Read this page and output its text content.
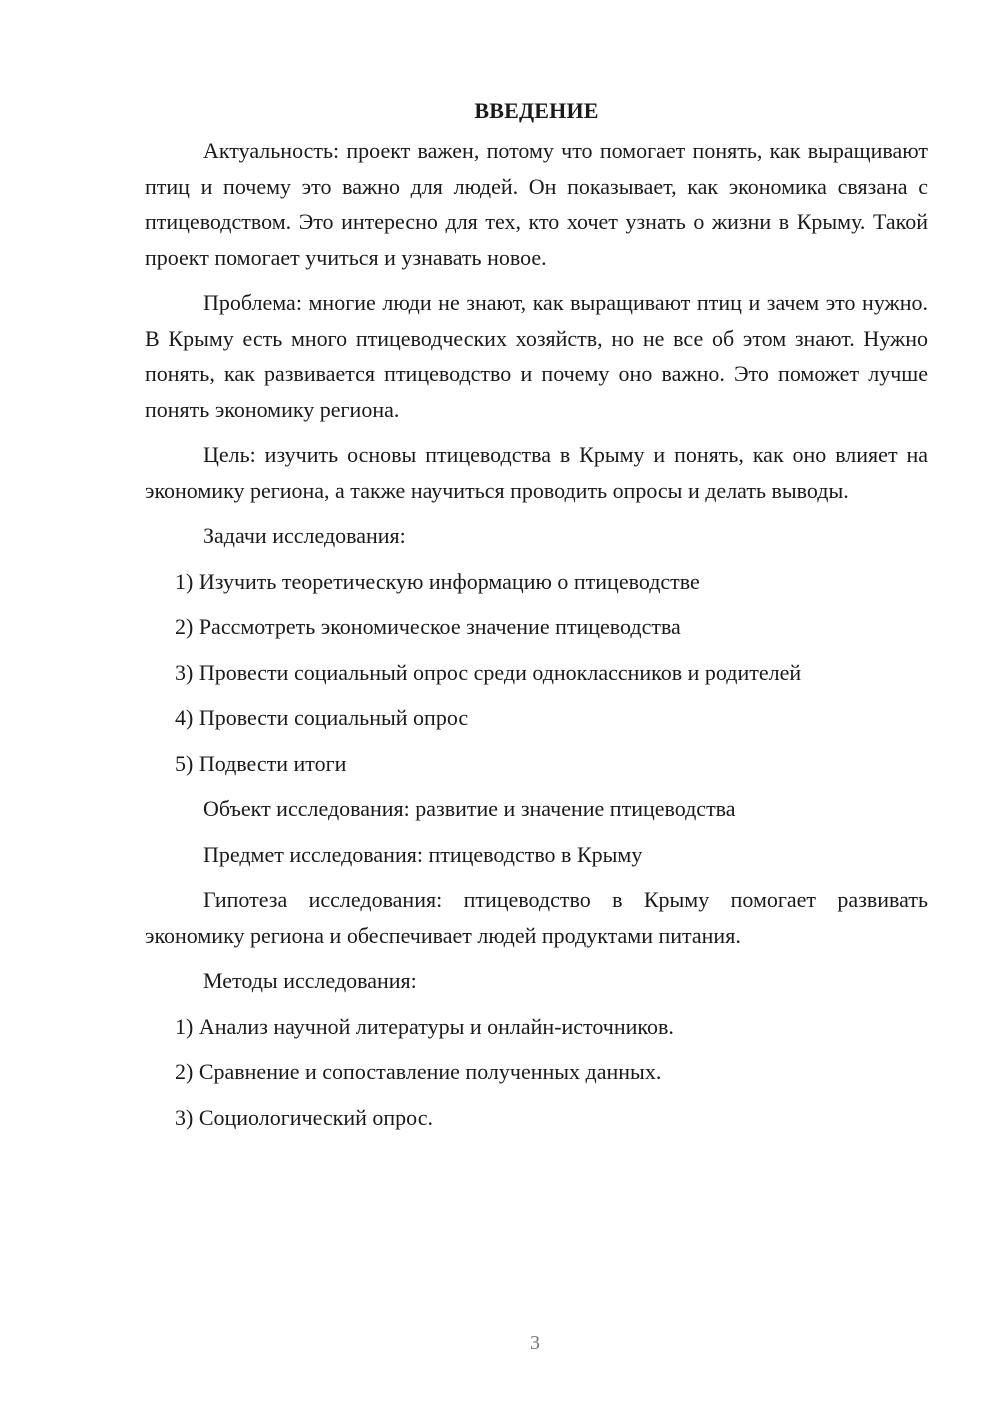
ВВЕДЕНИЕ

Актуальность: проект важен, потому что помогает понять, как выращивают птиц и почему это важно для людей. Он показывает, как экономика связана с птицеводством. Это интересно для тех, кто хочет узнать о жизни в Крыму. Такой проект помогает учиться и узнавать новое.

Проблема: многие люди не знают, как выращивают птиц и зачем это нужно. В Крыму есть много птицеводческих хозяйств, но не все об этом знают. Нужно понять, как развивается птицеводство и почему оно важно. Это поможет лучше понять экономику региона.

Цель: изучить основы птицеводства в Крыму и понять, как оно влияет на экономику региона, а также научиться проводить опросы и делать выводы.

Задачи исследования:
1) Изучить теоретическую информацию о птицеводстве
2) Рассмотреть экономическое значение птицеводства
3) Провести социальный опрос среди одноклассников и родителей
4) Провести социальный опрос
5) Подвести итоги
Объект исследования: развитие и значение птицеводства
Предмет исследования: птицеводство в Крыму

Гипотеза исследования: птицеводство в Крыму помогает развивать экономику региона и обеспечивает людей продуктами питания.

Методы исследования:
1) Анализ научной литературы и онлайн-источников.
2) Сравнение и сопоставление полученных данных.
3) Социологический опрос.
3
